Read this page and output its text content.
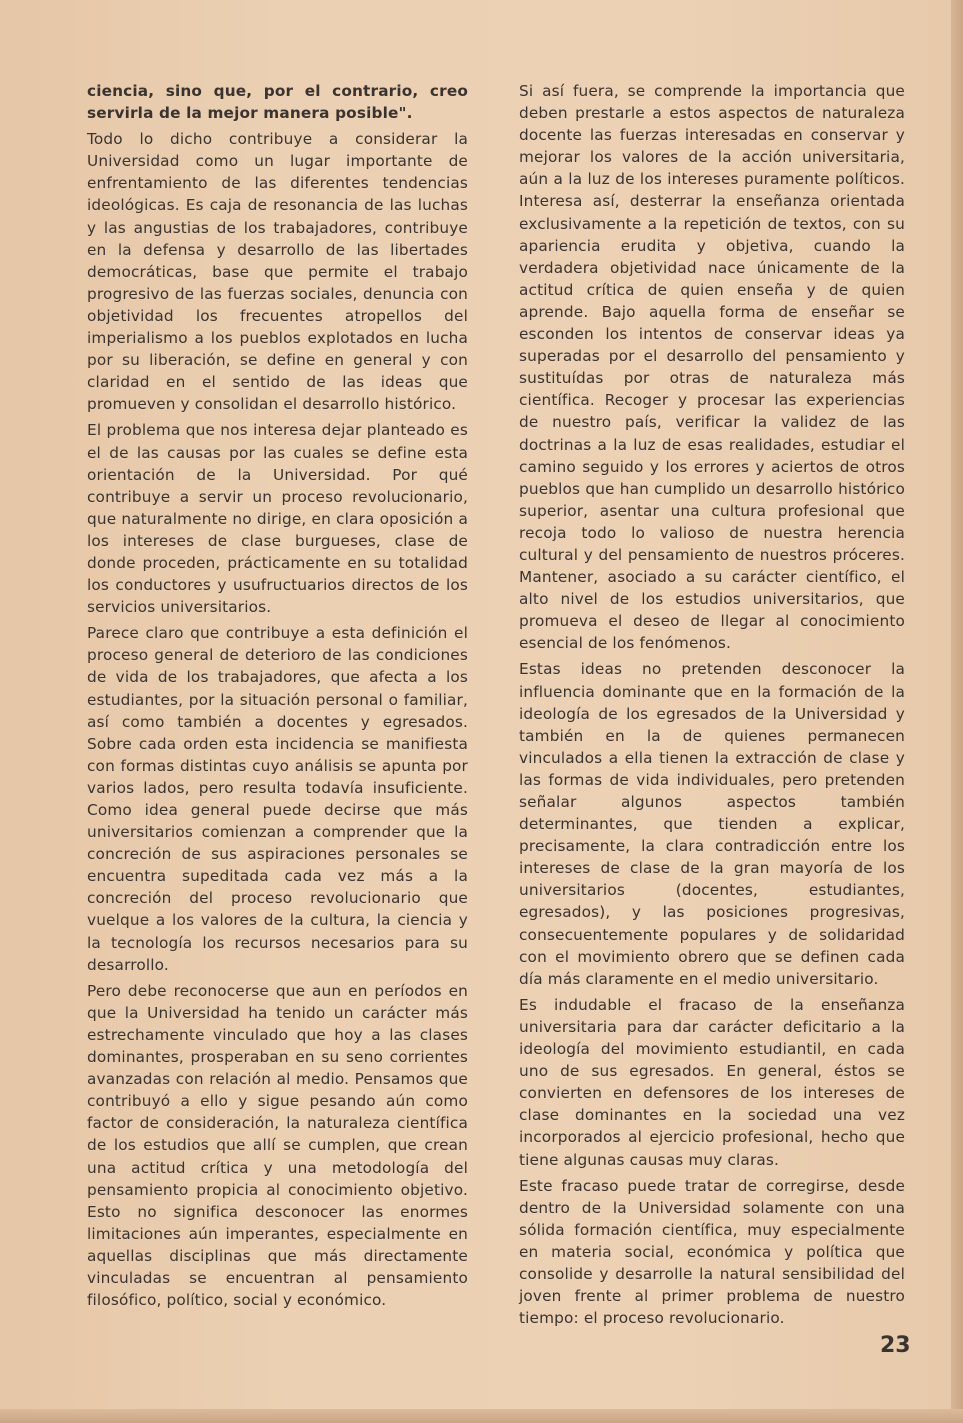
ciencia, sino que, por el contrario, creo servirla de la mejor manera posible".

Todo lo dicho contribuye a considerar la Universidad como un lugar importante de enfrentamiento de las diferentes tendencias ideológicas. Es caja de resonancia de las luchas y las angustias de los trabajadores, contribuye en la defensa y desarrollo de las libertades democráticas, base que permite el trabajo progresivo de las fuerzas sociales, denuncia con objetividad los frecuentes atropellos del imperialismo a los pueblos explotados en lucha por su liberación, se define en general y con claridad en el sentido de las ideas que promueven y consolidan el desarrollo histórico.

El problema que nos interesa dejar planteado es el de las causas por las cuales se define esta orientación de la Universidad. Por qué contribuye a servir un proceso revolucionario, que naturalmente no dirige, en clara oposición a los intereses de clase burgueses, clase de donde proceden, prácticamente en su totalidad los conductores y usufructuarios directos de los servicios universitarios.

Parece claro que contribuye a esta definición el proceso general de deterioro de las condiciones de vida de los trabajadores, que afecta a los estudiantes, por la situación personal o familiar, así como también a docentes y egresados. Sobre cada orden esta incidencia se manifiesta con formas distintas cuyo análisis se apunta por varios lados, pero resulta todavía insuficiente. Como idea general puede decirse que más universitarios comienzan a comprender que la concreción de sus aspiraciones personales se encuentra supeditada cada vez más a la concreción del proceso revolucionario que vuelque a los valores de la cultura, la ciencia y la tecnología los recursos necesarios para su desarrollo.

Pero debe reconocerse que aun en períodos en que la Universidad ha tenido un carácter más estrechamente vinculado que hoy a las clases dominantes, prosperaban en su seno corrientes avanzadas con relación al medio. Pensamos que contribuyó a ello y sigue pesando aún como factor de consideración, la naturaleza científica de los estudios que allí se cumplen, que crean una actitud crítica y una metodología del pensamiento propicia al conocimiento objetivo. Esto no significa desconocer las enormes limitaciones aún imperantes, especialmente en aquellas disciplinas que más directamente vinculadas se encuentran al pensamiento filosófico, político, social y económico.

Si así fuera, se comprende la importancia que deben prestarle a estos aspectos de naturaleza docente las fuerzas interesadas en conservar y mejorar los valores de la acción universitaria, aún a la luz de los intereses puramente políticos. Interesa así, desterrar la enseñanza orientada exclusivamente a la repetición de textos, con su apariencia erudita y objetiva, cuando la verdadera objetividad nace únicamente de la actitud crítica de quien enseña y de quien aprende. Bajo aquella forma de enseñar se esconden los intentos de conservar ideas ya superadas por el desarrollo del pensamiento y sustituídas por otras de naturaleza más científica. Recoger y procesar las experiencias de nuestro país, verificar la validez de las doctrinas a la luz de esas realidades, estudiar el camino seguido y los errores y aciertos de otros pueblos que han cumplido un desarrollo histórico superior, asentar una cultura profesional que recoja todo lo valioso de nuestra herencia cultural y del pensamiento de nuestros próceres. Mantener, asociado a su carácter científico, el alto nivel de los estudios universitarios, que promueva el deseo de llegar al conocimiento esencial de los fenómenos.

Estas ideas no pretenden desconocer la influencia dominante que en la formación de la ideología de los egresados de la Universidad y también en la de quienes permanecen vinculados a ella tienen la extracción de clase y las formas de vida individuales, pero pretenden señalar algunos aspectos también determinantes, que tienden a explicar, precisamente, la clara contradicción entre los intereses de clase de la gran mayoría de los universitarios (docentes, estudiantes, egresados), y las posiciones progresivas, consecuentemente populares y de solidaridad con el movimiento obrero que se definen cada día más claramente en el medio universitario.

Es indudable el fracaso de la enseñanza universitaria para dar carácter deficitario a la ideología del movimiento estudiantil, en cada uno de sus egresados. En general, éstos se convierten en defensores de los intereses de clase dominantes en la sociedad una vez incorporados al ejercicio profesional, hecho que tiene algunas causas muy claras.

Este fracaso puede tratar de corregirse, desde dentro de la Universidad solamente con una sólida formación científica, muy especialmente en materia social, económica y política que consolide y desarrolle la natural sensibilidad del joven frente al primer problema de nuestro tiempo: el proceso revolucionario.

23
